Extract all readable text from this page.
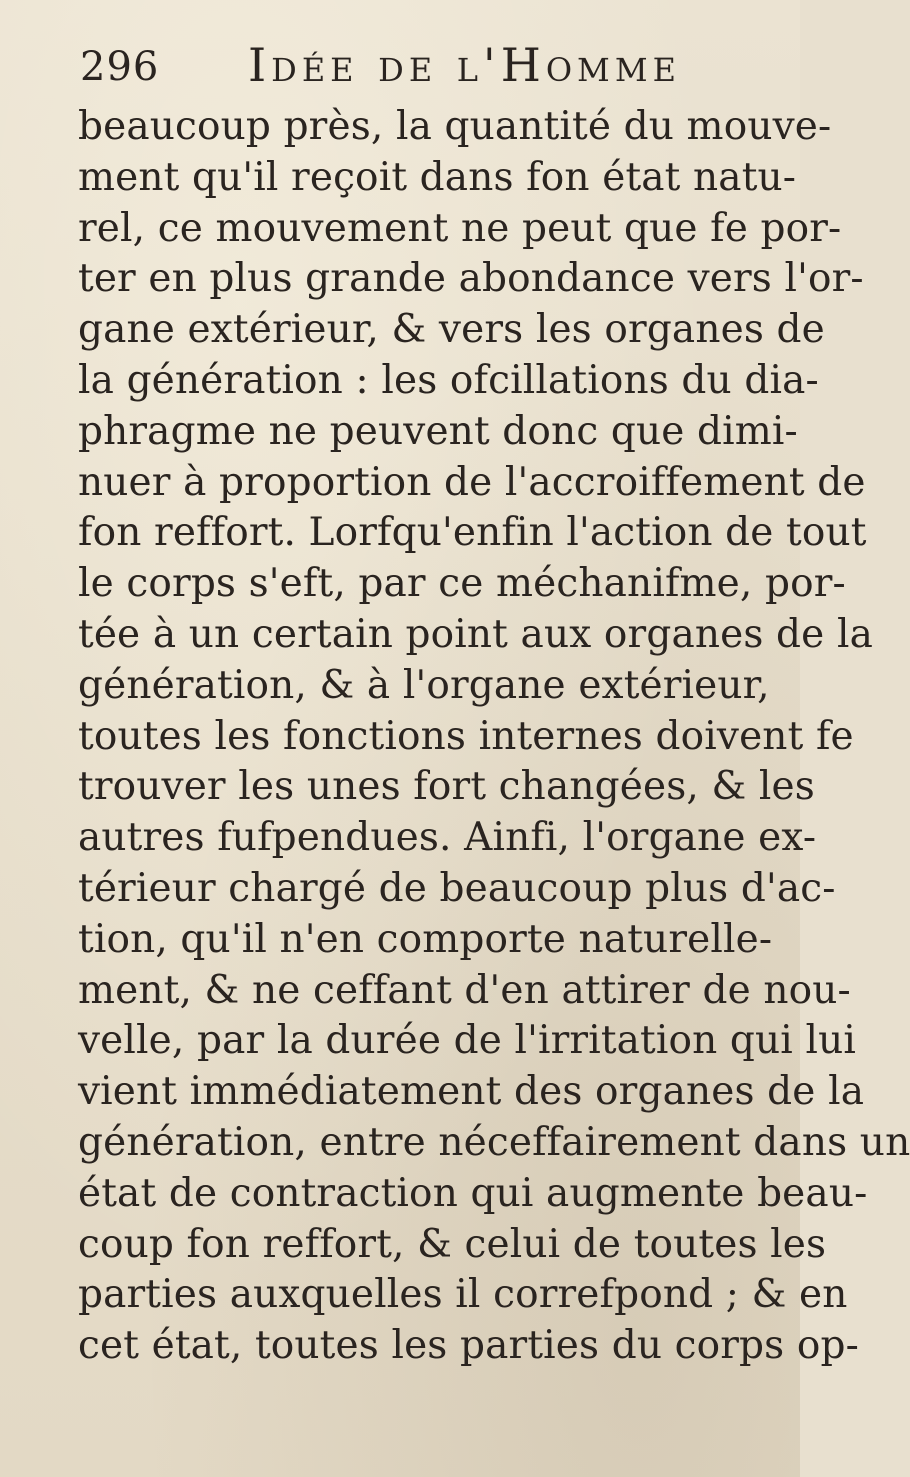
296 Idée de l'Homme
beaucoup près, la quantité du mouve-
ment qu'il reçoit dans fon état natu-
rel, ce mouvement ne peut que fe por-
ter en plus grande abondance vers l'or-
gane extérieur, & vers les organes de
la génération : les ofcillations du dia-
phragme ne peuvent donc que dimi-
nuer à proportion de l'accroiffement de
fon reffort. Lorfqu'enfin l'action de tout
le corps s'eft, par ce méchanifme, por-
tée à un certain point aux organes de la
génération, & à l'organe extérieur,
toutes les fonctions internes doivent fe
trouver les unes fort changées, & les
autres fufpendues. Ainfi, l'organe ex-
térieur chargé de beaucoup plus d'ac-
tion, qu'il n'en comporte naturelle-
ment, & ne ceffant d'en attirer de nou-
velle, par la durée de l'irritation qui lui
vient immédiatement des organes de la
génération, entre néceffairement dans un
état de contraction qui augmente beau-
coup fon reffort, & celui de toutes les
parties auxquelles il correfpond ; & en
cet état, toutes les parties du corps op-
